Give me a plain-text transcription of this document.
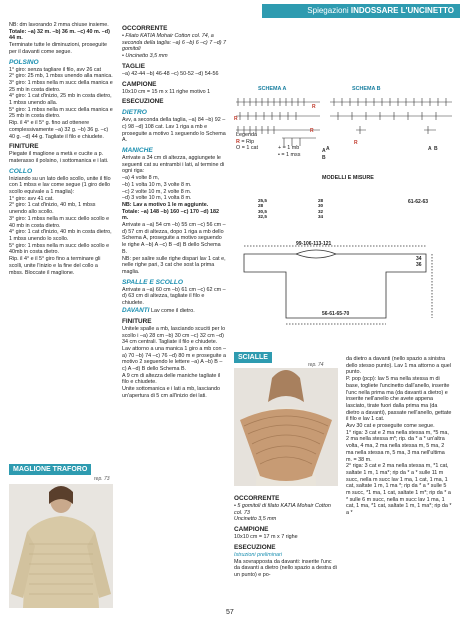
Spiegazioni INDOSSARE L'UNCINETTO

NB: dm lavorando 2 mma chiuse insieme.

Totale: –a) 32 m. –b) 36 m. –c) 40 m. –d) 44 m.

Terminate tutte le diminuzioni, proseguite per il davanti come segue.

POLSINO

1° giro: senza tagliare il filo, avv 26 cat

2° giro: 25 mb, 1 mbss unendo alla manica.

3° giro: 1 mbss nella m succ della manica e 25 mb in costa dietro.

4° giro: 1 cat d'inizio, 25 mb in costa dietro, 1 mbss unendo alla.

5° giro: 1 mbss nella m succ della manica e 25 mb in costa dietro.

Rip. il 4° e il 5° g. fino ad ottenere complessivamente –a) 32 g. –b) 36 g. –c) 40 g. –d) 44 g. Tagliate il filo e chiudete.

FINITURE

Piegate il maglione a metà e cucite a p. materasso il polsino, i sottomanica e i lati.

COLLO

Iniziando su un lato dello scollo, unite il filo con 1 mbss e lav come segue (1 giro dello scollo equivale a 1 maglia):

1° giro: avv 41 cat.

2° giro: 1 cat d'inizio, 40 mb, 1 mbss unendo allo scollo.

3° giro: 1 mbss nella m succ dello scollo e 40 mb in costa dietro.

4° giro: 1 cat d'inizio, 40 mb in costa dietro, 1 mbss unendo lo scollo.

5° giro: 1 mbss nella m succ dello scollo e 40mb in costa dietro.

Rip. il 4° e il 5° giro fino a terminare gli scolli, unite l'inizio e la fine del collo a mbss. Bloccate il maglione.

MAGLIONE TRAFORO
rep. 73

OCCORRENTE

• Filato KATIA Mohair Cotton col. 74, a seconda della taglia: –a) 6 –b) 6 –c) 7 –d) 7 gomitoli

• Uncinetto 3,5 mm

TAGLIE

–a) 42-44 –b) 46-48 –c) 50-52 –d) 54-56

CAMPIONE

10x10 cm = 15 m x 11 righe motivo 1

ESECUZIONE

DIETRO

Avv, a seconda della taglia, –a) 84 –b) 92 –c) 98 –d) 108 cat. Lav 1 riga a mb e proseguite a motivo 1 seguendo lo Schema A.

MANICHE

Arrivate a 34 cm di altezza, aggiungete le seguenti cat su entrambi i lati, al termine di ogni riga:

–a) 4 volte 8 m,

–b) 1 volta 10 m, 3 volte 8 m.

–c) 2 volte 10 m, 2 volte 8 m.

–d) 3 volte 10 m, 1 volta 8 m.

NB: Lav a motivo 1 le m aggiunte.

Totale: –a) 148 –b) 160 –c) 170 –d) 182 m.

Arrivate a –a) 54 cm –b) 55 cm –c) 56 cm –d) 57 cm di altezza, dopo 1 riga a mb dello Schema A, proseguite a motivo seguendo le righe A –b) A –c) B –d) B dello Schema B.

NB: per salire sulle righe dispari lav 1 cat e, nelle righe pari, 3 cat che sost la prima maglia.

SPALLE E SCOLLO

Arrivate a –a) 60 cm –b) 61 cm –c) 62 cm –d) 63 cm di altezza, tagliate il filo e chiudete.

DAVANTI Lav come il dietro.

FINITURE

Unitele spalle a mb, lasciando scuciti per lo scollo i –a) 28 cm –b) 30 cm –c) 32 cm –d) 34 cm centrali. Tagliate il filo e chiudete.

Lav attorno a una manica 1 giro a mb con –a) 70 –b) 74 –c) 76 –d) 80 m e proseguite a motivo 2 seguendo le lettere –a) A –b) B –c) A –d) B dello Schema B.

A 9 cm di altezza delle maniche tagliate il filo e chiudete.

Unite sottomanica e i lati a mb, lasciando un'apertura di 5 cm all'inizio dei lati.

SCHEMA A
R
R
R
SCHEMA B
R
A	A B

Legenda

R = Rip

O = 1 cat	+ = 1 mb

• = 1 mss

A
B
MODELLI E MISURE

25,5

28

30,5

32,5

28

30

32

34

99-106-113-121
61-62-63
34
36
56-61-65-70
SCIALLE
rep. 74

OCCORRENTE

• 5 gomitoli di filato KATIA Mohair Cotton col. 73

Uncinetto 3,5 mm

CAMPIONE

10x10 cm = 17 m x 7 righe

ESECUZIONE

Istruzioni preliminari

Ma sovrapposta da davanti: inserite l'unc da davanti a dietro (nello spazio a destra di un punto) e po-

da dietro a davanti (nello spazio a sinistra dello stesso punto). Lav 1 ma attorno a quel punto.

P. pop (pcp): lav 5 ma nella stessa m di base, togliete l'uncinetto dall'anello, inserite l'unc nella prima ma (da davanti a dietro) e inserite nell'anello che avete appena lasciato, tirate fuori dalla prima ma (da dietro a davanti), passate nell'anello, gettate il filo e lav 1 cat.

Avv 30 cat e proseguite come segue.

1° riga: 3 cat e 2 ma nella stessa m, *5 ma, 2 ma nella stessa m*; rip. da * a * un'altra volta, 4 ma, 2 ma nella stessa m, 5 ma, 2 ma nella stessa m, 5 ma, 3 ma nell'ultima m. = 38 m.

2° riga: 3 cat e 2 ma nella stessa m, *1 cat, saltate 1 m, 1 ma*; rip da * a * sulle 11 m succ, nella m succ lav 1 ma, 1 cat, 1 ma, 1 cat, saltate 1 m, 1 ma *; rip da * a * sulle 5 m succ, *1 ma, 1 cat, saltate 1 m*; rip da * a * sulle 6 m succ, nella m succ lav 1 ma, 1 cat, 1 ma, *1 cat, saltate 1 m, 1 ma*; rip da * a *

57
